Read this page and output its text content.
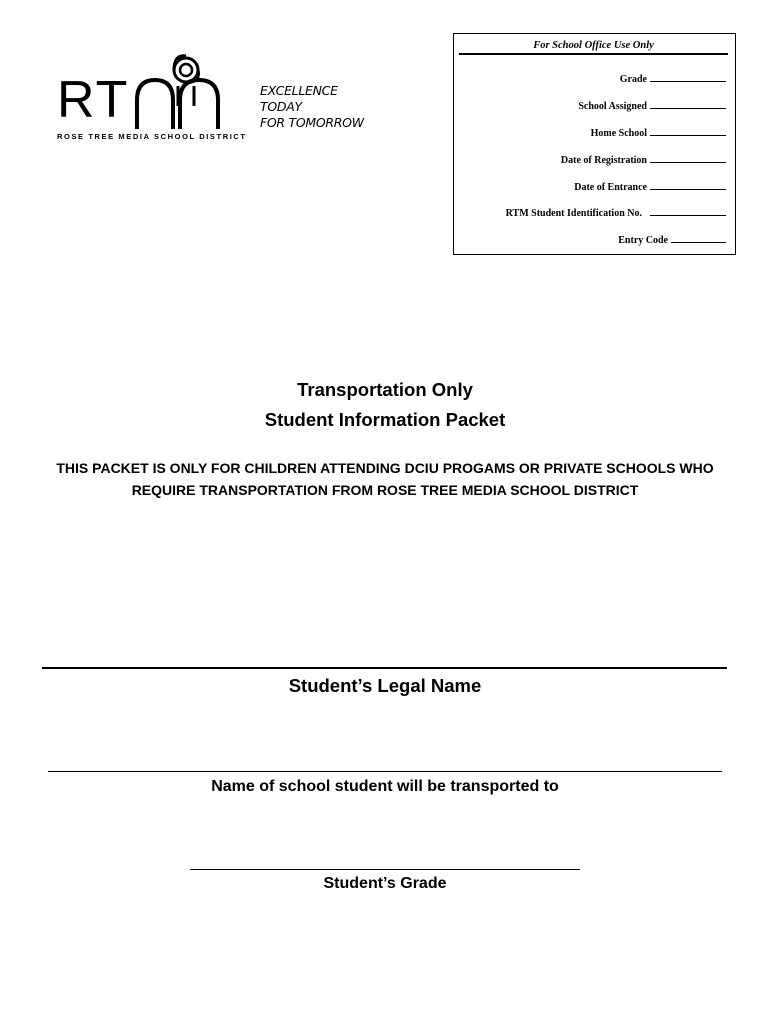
RT
ROSE TREE MEDIA SCHOOL DISTRICT
EXCELLENCE
TODAY
FOR TOMORROW
For School Office Use Only
Grade
School Assigned
Home School
Date of Registration
Date of Entrance
RTM Student Identification No.
Entry Code
Transportation Only
Student Information Packet
THIS PACKET IS ONLY FOR CHILDREN ATTENDING DCIU PROGAMS OR PRIVATE SCHOOLS WHO REQUIRE TRANSPORTATION FROM ROSE TREE MEDIA SCHOOL DISTRICT
Student’s Legal Name
Name of school student will be transported to
Student’s Grade
